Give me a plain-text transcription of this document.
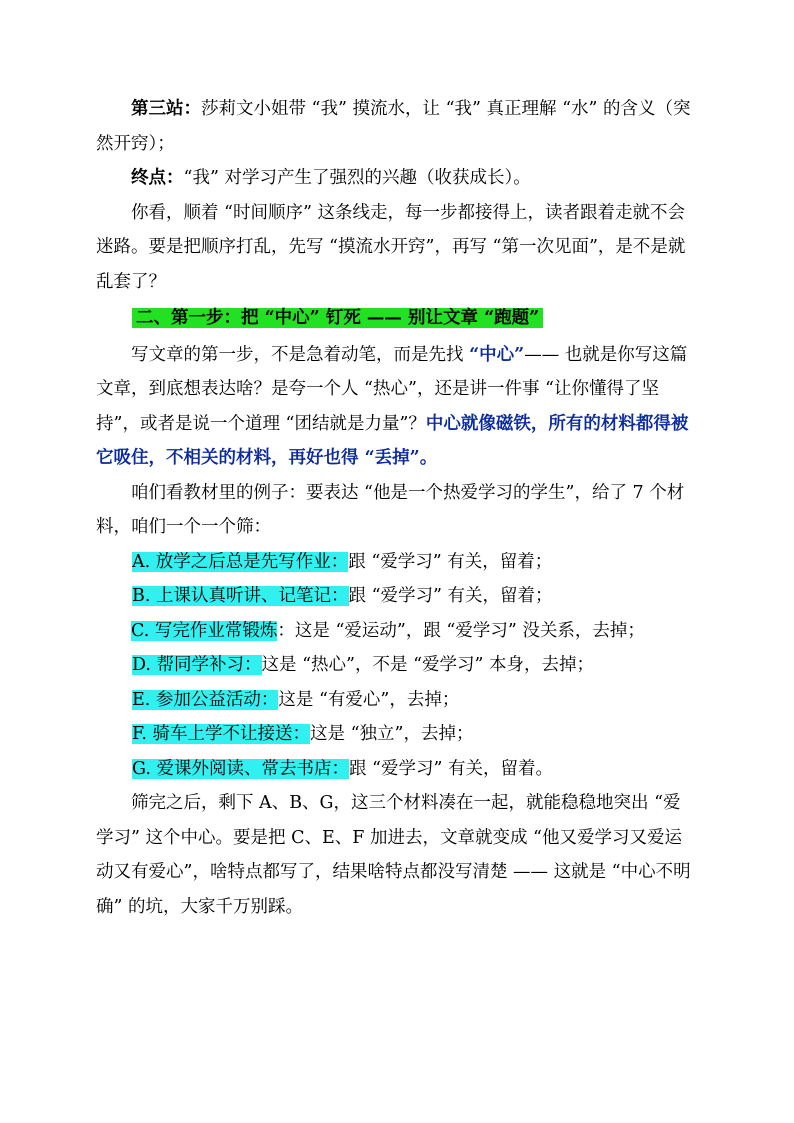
第三站：莎莉文小姐带 “我” 摸流水，让 “我” 真正理解 “水” 的含义（突然开窍）；

终点：“我” 对学习产生了强烈的兴趣（收获成长）。

你看，顺着 “时间顺序” 这条线走，每一步都接得上，读者跟着走就不会迷路。要是把顺序打乱，先写 “摸流水开窍”，再写 “第一次见面”，是不是就乱套了？

二、第一步：把 “中心” 钉死 —— 别让文章 “跑题”

写文章的第一步，不是急着动笔，而是先找 “中心”—— 也就是你写这篇文章，到底想表达啥？是夸一个人 “热心”，还是讲一件事 “让你懂得了坚持”，或者是说一个道理 “团结就是力量”？中心就像磁铁，所有的材料都得被它吸住，不相关的材料，再好也得 “丢掉”。

咱们看教材里的例子：要表达 “他是一个热爱学习的学生”，给了 7 个材料，咱们一个一个筛：

A. 放学之后总是先写作业：跟 “爱学习” 有关，留着；

B. 上课认真听讲、记笔记：跟 “爱学习” 有关，留着；

C. 写完作业常锻炼：这是 “爱运动”，跟 “爱学习” 没关系，去掉；

D. 帮同学补习：这是 “热心”，不是 “爱学习” 本身，去掉；

E. 参加公益活动：这是 “有爱心”，去掉；

F. 骑车上学不让接送：这是 “独立”，去掉；

G. 爱课外阅读、常去书店：跟 “爱学习” 有关，留着。

筛完之后，剩下 A、B、G，这三个材料凑在一起，就能稳稳地突出 “爱学习” 这个中心。要是把 C、E、F 加进去，文章就变成 “他又爱学习又爱运动又有爱心”，啥特点都写了，结果啥特点都没写清楚 —— 这就是 “中心不明确” 的坑，大家千万别踩。
